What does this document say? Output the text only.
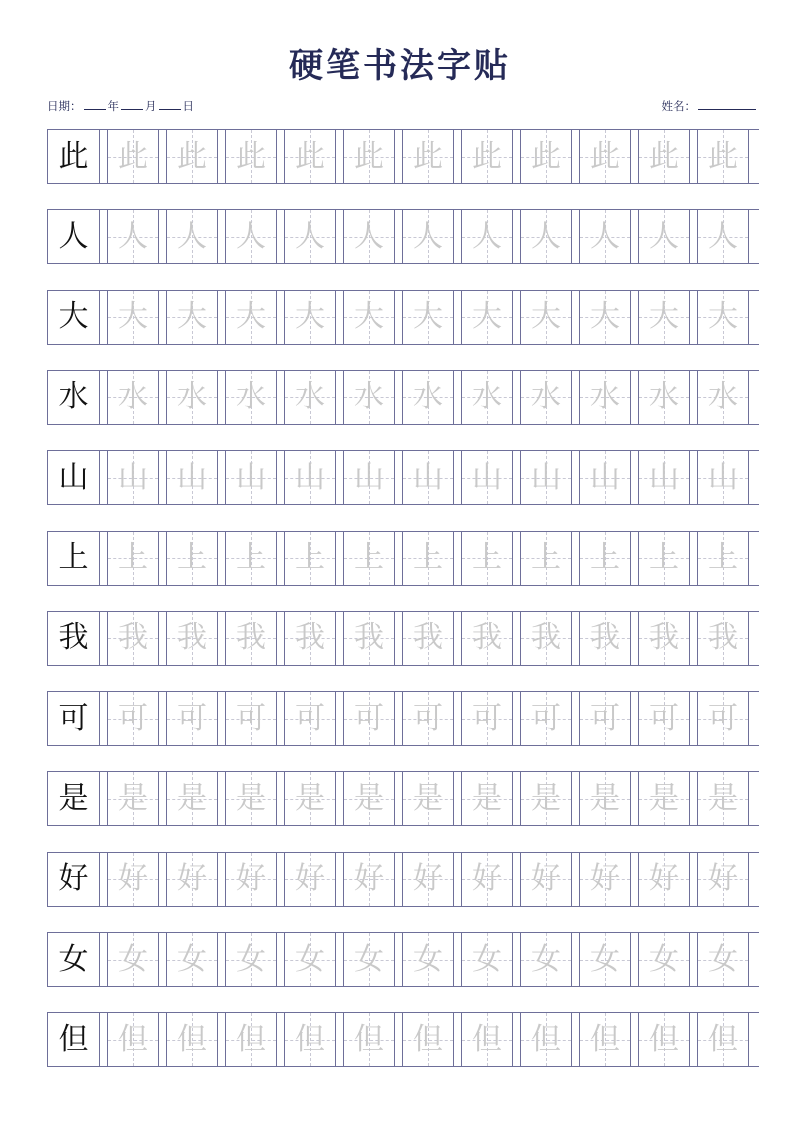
硬笔书法字贴
日期： 年 月 日	姓名：
此 此 此 此 此 此 此 此 此 此 此 此
人 人 人 人 人 人 人 人 人 人 人 人
大 大 大 大 大 大 大 大 大 大 大 大
水 水 水 水 水 水 水 水 水 水 水 水
山 山 山 山 山 山 山 山 山 山 山 山
上 上 上 上 上 上 上 上 上 上 上 上
我 我 我 我 我 我 我 我 我 我 我 我
可 可 可 可 可 可 可 可 可 可 可 可
是 是 是 是 是 是 是 是 是 是 是 是
好 好 好 好 好 好 好 好 好 好 好 好
女 女 女 女 女 女 女 女 女 女 女 女
但 但 但 但 但 但 但 但 但 但 但 但
